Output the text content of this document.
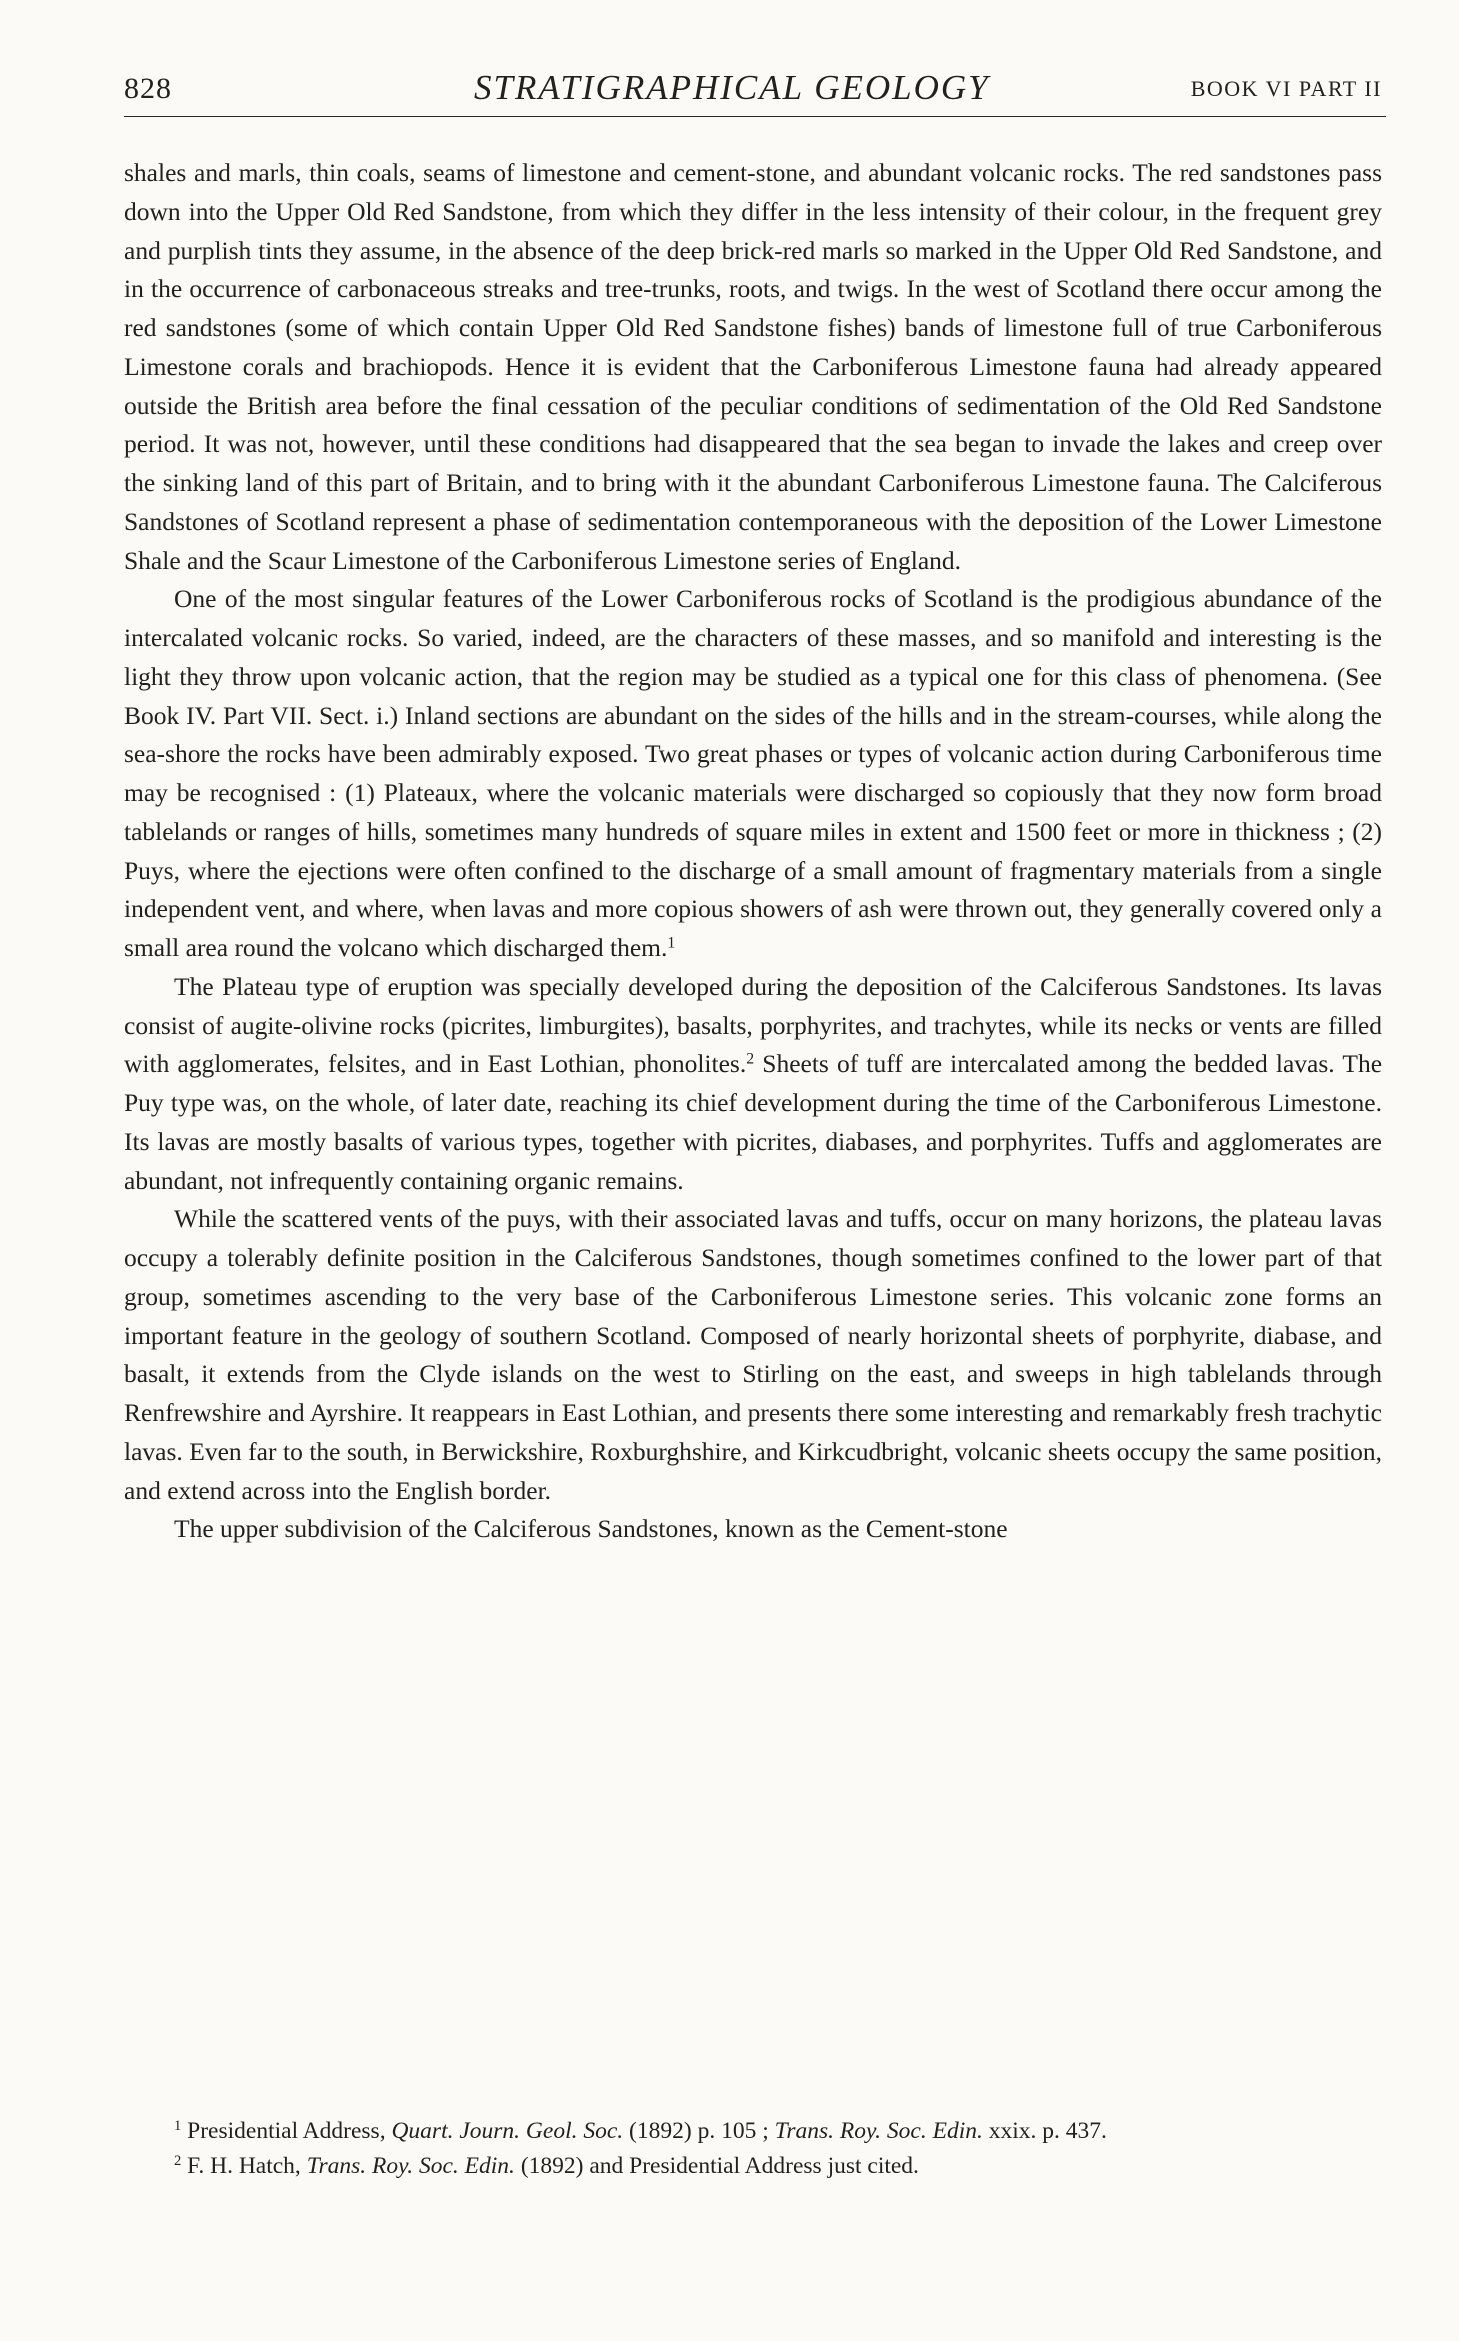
828	STRATIGRAPHICAL GEOLOGY	BOOK VI PART II

shales and marls, thin coals, seams of limestone and cement-stone, and abundant volcanic rocks. The red sandstones pass down into the Upper Old Red Sandstone, from which they differ in the less intensity of their colour, in the frequent grey and purplish tints they assume, in the absence of the deep brick-red marls so marked in the Upper Old Red Sandstone, and in the occurrence of carbonaceous streaks and tree-trunks, roots, and twigs. In the west of Scotland there occur among the red sandstones (some of which contain Upper Old Red Sandstone fishes) bands of limestone full of true Carboniferous Limestone corals and brachiopods. Hence it is evident that the Carboniferous Limestone fauna had already appeared outside the British area before the final cessation of the peculiar conditions of sedimentation of the Old Red Sandstone period. It was not, however, until these conditions had disappeared that the sea began to invade the lakes and creep over the sinking land of this part of Britain, and to bring with it the abundant Carboniferous Limestone fauna. The Calciferous Sandstones of Scotland represent a phase of sedimentation contemporaneous with the deposition of the Lower Limestone Shale and the Scaur Limestone of the Carboniferous Limestone series of England.

One of the most singular features of the Lower Carboniferous rocks of Scotland is the prodigious abundance of the intercalated volcanic rocks. So varied, indeed, are the characters of these masses, and so manifold and interesting is the light they throw upon volcanic action, that the region may be studied as a typical one for this class of phenomena. (See Book IV. Part VII. Sect. i.) Inland sections are abundant on the sides of the hills and in the stream-courses, while along the sea-shore the rocks have been admirably exposed. Two great phases or types of volcanic action during Carboniferous time may be recognised : (1) Plateaux, where the volcanic materials were discharged so copiously that they now form broad tablelands or ranges of hills, sometimes many hundreds of square miles in extent and 1500 feet or more in thickness ; (2) Puys, where the ejections were often confined to the discharge of a small amount of fragmentary materials from a single independent vent, and where, when lavas and more copious showers of ash were thrown out, they generally covered only a small area round the volcano which discharged them.$^1$

The Plateau type of eruption was specially developed during the deposition of the Calciferous Sandstones. Its lavas consist of augite-olivine rocks (picrites, limburgites), basalts, porphyrites, and trachytes, while its necks or vents are filled with agglomerates, felsites, and in East Lothian, phonolites.$^2$ Sheets of tuff are intercalated among the bedded lavas. The Puy type was, on the whole, of later date, reaching its chief development during the time of the Carboniferous Limestone. Its lavas are mostly basalts of various types, together with picrites, diabases, and porphyrites. Tuffs and agglomerates are abundant, not infrequently containing organic remains.

While the scattered vents of the puys, with their associated lavas and tuffs, occur on many horizons, the plateau lavas occupy a tolerably definite position in the Calciferous Sandstones, though sometimes confined to the lower part of that group, sometimes ascending to the very base of the Carboniferous Limestone series. This volcanic zone forms an important feature in the geology of southern Scotland. Composed of nearly horizontal sheets of porphyrite, diabase, and basalt, it extends from the Clyde islands on the west to Stirling on the east, and sweeps in high tablelands through Renfrewshire and Ayrshire. It reappears in East Lothian, and presents there some interesting and remarkably fresh trachytic lavas. Even far to the south, in Berwickshire, Roxburghshire, and Kirkcudbright, volcanic sheets occupy the same position, and extend across into the English border.

The upper subdivision of the Calciferous Sandstones, known as the Cement-stone

$^1$ Presidential Address, Quart. Journ. Geol. Soc. (1892) p. 105 ; Trans. Roy. Soc. Edin. xxix. p. 437.

$^2$ F. H. Hatch, Trans. Roy. Soc. Edin. (1892) and Presidential Address just cited.
